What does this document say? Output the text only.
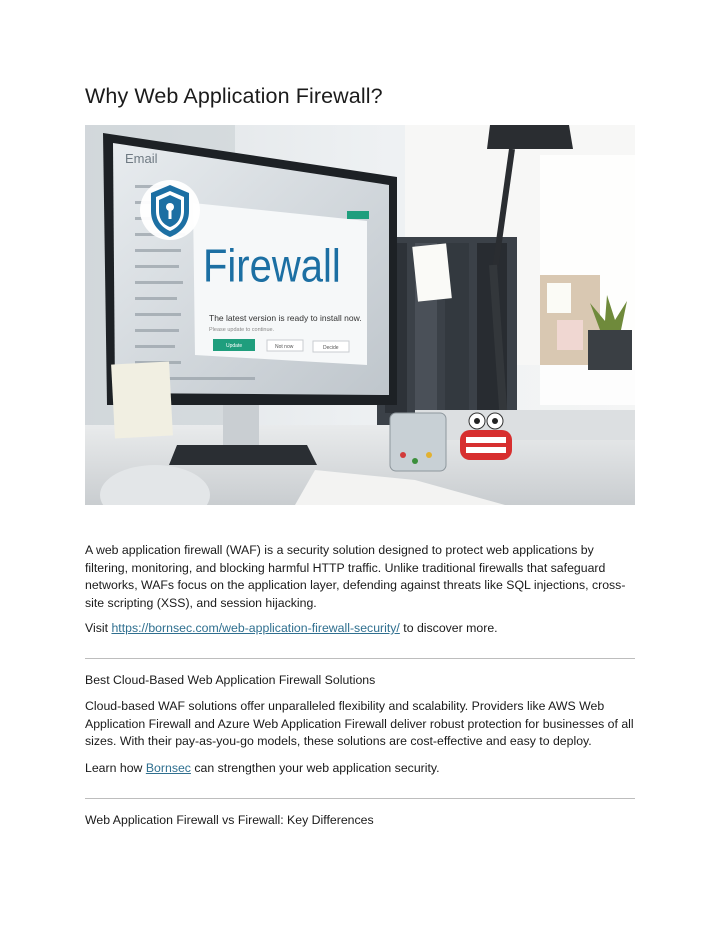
Why Web Application Firewall?
Email
Firewall
The latest version is ready to install now.
Please update to continue.
Update	Not now	Decide

A web application firewall (WAF) is a security solution designed to protect web applications by filtering, monitoring, and blocking harmful HTTP traffic. Unlike traditional firewalls that safeguard networks, WAFs focus on the application layer, defending against threats like SQL injections, cross-site scripting (XSS), and session hijacking.

Visit https://bornsec.com/web-application-firewall-security/ to discover more.

Best Cloud-Based Web Application Firewall Solutions

Cloud-based WAF solutions offer unparalleled flexibility and scalability. Providers like AWS Web Application Firewall and Azure Web Application Firewall deliver robust protection for businesses of all sizes. With their pay-as-you-go models, these solutions are cost-effective and easy to deploy.

Learn how Bornsec can strengthen your web application security.

Web Application Firewall vs Firewall: Key Differences
